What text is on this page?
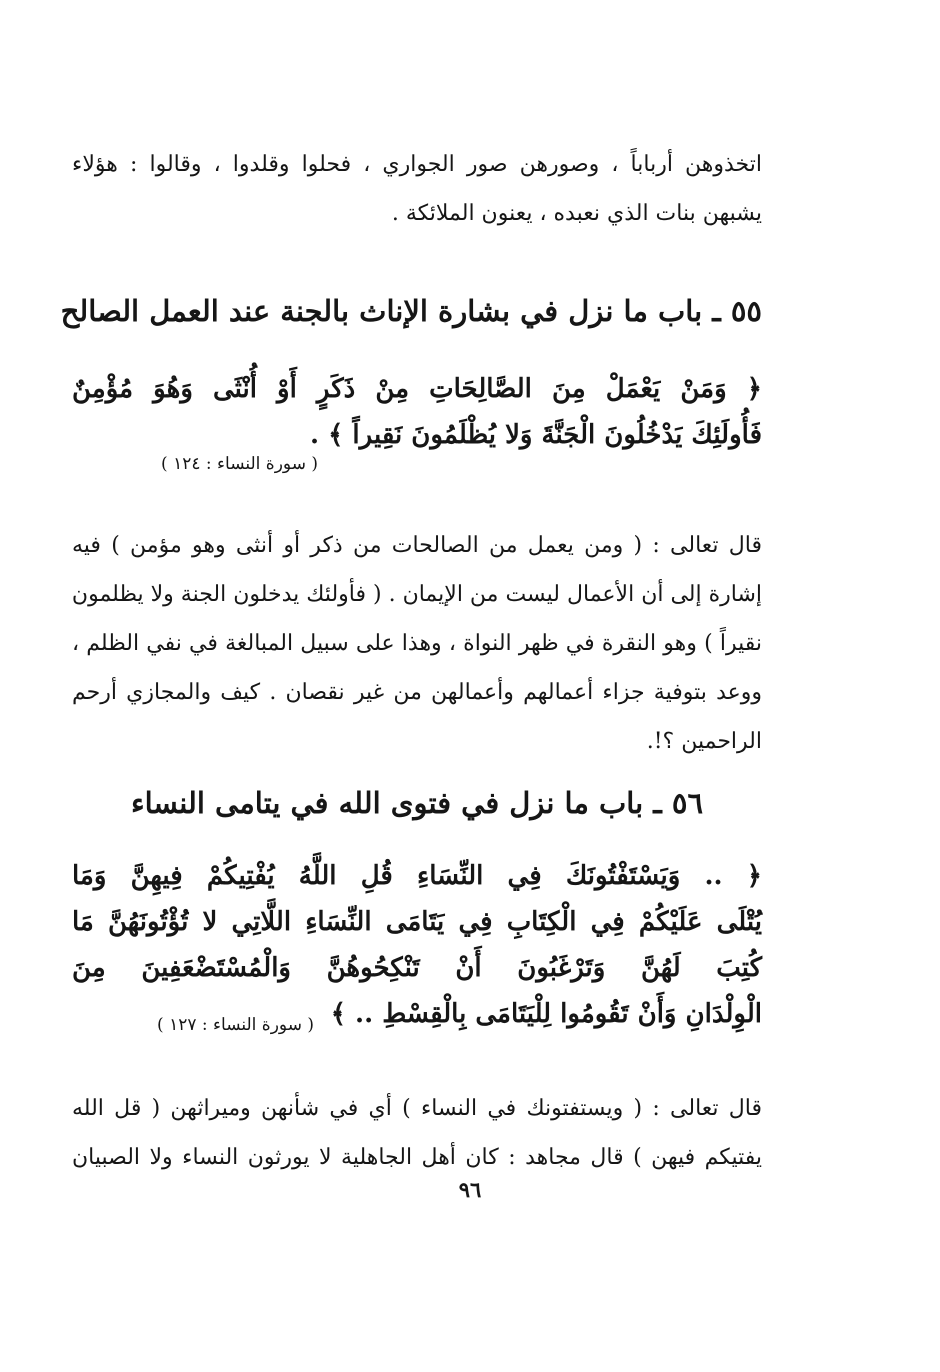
اتخذوهن أرباباً ، وصورهن صور الجواري ، فحلوا وقلدوا ، وقالوا : هؤلاء
يشبهن بنات الذي نعبده ، يعنون الملائكة .
٥٥ ـ باب ما نزل في بشارة الإناث بالجنة عند العمل الصالح
﴿ وَمَنْ يَعْمَلْ مِنَ الصَّالِحَاتِ مِنْ ذَكَرٍ أَوْ أُنْثَى وَهُوَ مُؤْمِنٌ
فَأُولَئِكَ يَدْخُلُونَ الْجَنَّةَ وَلا يُظْلَمُونَ نَقِيراً ﴾ .
( سورة النساء : ١٢٤ )
قال تعالى : ( ومن يعمل من الصالحات من ذكر أو أنثى وهو مؤمن ) فيه
إشارة إلى أن الأعمال ليست من الإيمان . ( فأولئك يدخلون الجنة ولا يظلمون
نقيراً ) وهو النقرة في ظهر النواة ، وهذا على سبيل المبالغة في نفي الظلم ،
ووعد بتوفية جزاء أعمالهم وأعمالهن من غير نقصان . كيف والمجازي أرحم
الراحمين ؟!.
٥٦ ـ باب ما نزل في فتوى الله في يتامى النساء
﴿ .. وَيَسْتَفْتُونَكَ فِي النِّسَاءِ قُلِ اللَّهُ يُفْتِيكُمْ فِيهِنَّ وَمَا
يُتْلَى عَلَيْكُمْ فِي الْكِتَابِ فِي يَتَامَى النِّسَاءِ اللَّاتِي لا تُؤْتُونَهُنَّ مَا
كُتِبَ لَهُنَّ وَتَرْغَبُونَ أَنْ تَنْكِحُوهُنَّ وَالْمُسْتَضْعَفِينَ مِنَ
الْوِلْدَانِ وَأَنْ تَقُومُوا لِلْيَتَامَى بِالْقِسْطِ .. ﴾
( سورة النساء : ١٢٧ )
قال تعالى : ( ويستفتونك في النساء ) أي في شأنهن وميراثهن ( قل الله
يفتيكم فيهن ) قال مجاهد : كان أهل الجاهلية لا يورثون النساء ولا الصبيان
٩٦
